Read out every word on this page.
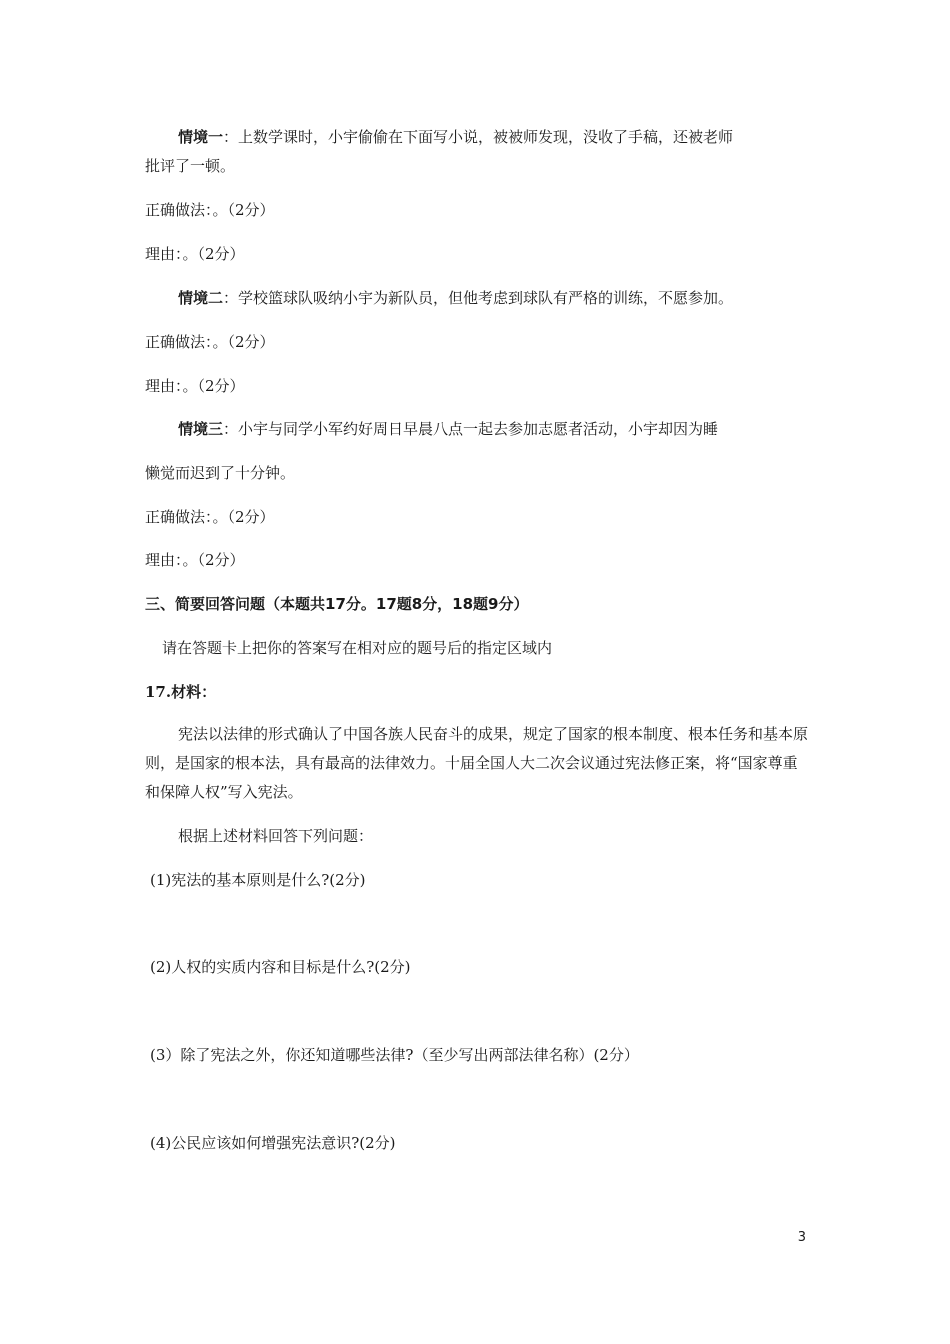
情境一：上数学课时，小宇偷偷在下面写小说，被被师发现，没收了手稿，还被老师
批评了一顿。
正确做法：。（2分）
理由：。（2分）
情境二：学校篮球队吸纳小宇为新队员，但他考虑到球队有严格的训练，不愿参加。
正确做法：。（2分）
理由：。（2分）
情境三：小宇与同学小军约好周日早晨八点一起去参加志愿者活动，小宇却因为睡
懒觉而迟到了十分钟。
正确做法：。（2分）
理由：。（2分）
三、简要回答问题（本题共17分。17题8分，18题9分）
请在答题卡上把你的答案写在相对应的题号后的指定区域内
17.材料：
宪法以法律的形式确认了中国各族人民奋斗的成果，规定了国家的根本制度、根本任务和基本原则，是国家的根本法，具有最高的法律效力。十届全国人大二次会议通过宪法修正案，将“国家尊重和保障人权”写入宪法。
根据上述材料回答下列问题：
(1)宪法的基本原则是什么?(2分)
(2)人权的实质内容和目标是什么?(2分)
(3）除了宪法之外，你还知道哪些法律?（至少写出两部法律名称）(2分）
(4)公民应该如何增强宪法意识?(2分)
3
